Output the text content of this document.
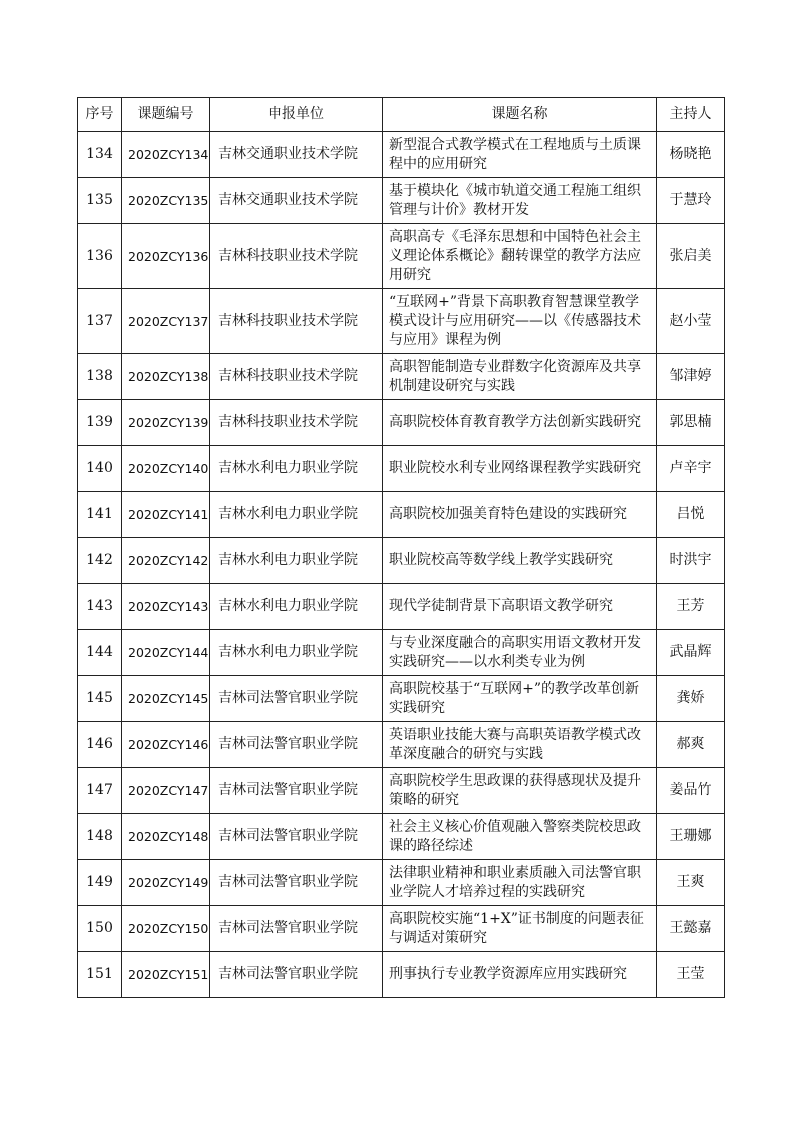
序号	课题编号	申报单位	课题名称	主持人
134	2020ZCY134	吉林交通职业技术学院	新型混合式教学模式在工程地质与土质课程中的应用研究	杨晓艳
135	2020ZCY135	吉林交通职业技术学院	基于模块化《城市轨道交通工程施工组织管理与计价》教材开发	于慧玲
136	2020ZCY136	吉林科技职业技术学院	高职高专《毛泽东思想和中国特色社会主义理论体系概论》翻转课堂的教学方法应用研究	张启美
137	2020ZCY137	吉林科技职业技术学院	“互联网+”背景下高职教育智慧课堂教学模式设计与应用研究——以《传感器技术与应用》课程为例	赵小莹
138	2020ZCY138	吉林科技职业技术学院	高职智能制造专业群数字化资源库及共享机制建设研究与实践	邹津婷
139	2020ZCY139	吉林科技职业技术学院	高职院校体育教育教学方法创新实践研究	郭思楠
140	2020ZCY140	吉林水利电力职业学院	职业院校水利专业网络课程教学实践研究	卢辛宇
141	2020ZCY141	吉林水利电力职业学院	高职院校加强美育特色建设的实践研究	吕悦
142	2020ZCY142	吉林水利电力职业学院	职业院校高等数学线上教学实践研究	时洪宇
143	2020ZCY143	吉林水利电力职业学院	现代学徒制背景下高职语文教学研究	王芳
144	2020ZCY144	吉林水利电力职业学院	与专业深度融合的高职实用语文教材开发实践研究——以水利类专业为例	武晶辉
145	2020ZCY145	吉林司法警官职业学院	高职院校基于“互联网+”的教学改革创新实践研究	龚娇
146	2020ZCY146	吉林司法警官职业学院	英语职业技能大赛与高职英语教学模式改革深度融合的研究与实践	郝爽
147	2020ZCY147	吉林司法警官职业学院	高职院校学生思政课的获得感现状及提升策略的研究	姜品竹
148	2020ZCY148	吉林司法警官职业学院	社会主义核心价值观融入警察类院校思政课的路径综述	王珊娜
149	2020ZCY149	吉林司法警官职业学院	法律职业精神和职业素质融入司法警官职业学院人才培养过程的实践研究	王爽
150	2020ZCY150	吉林司法警官职业学院	高职院校实施“1+X”证书制度的问题表征与调适对策研究	王懿嘉
151	2020ZCY151	吉林司法警官职业学院	刑事执行专业教学资源库应用实践研究	王莹
